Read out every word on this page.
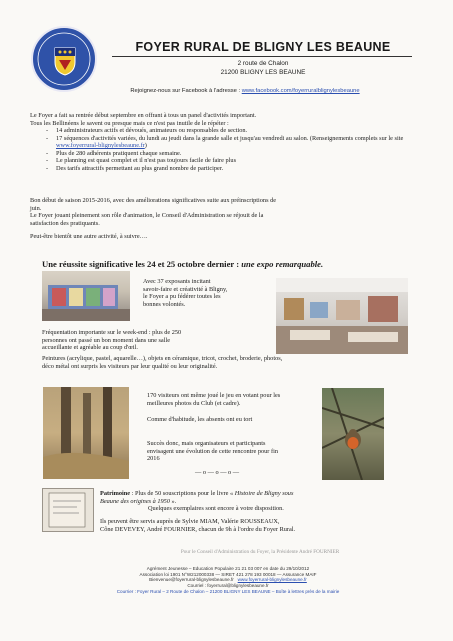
FOYER RURAL DE BLIGNY LES BEAUNE
2 route de Chalon
21200 BLIGNY LES BEAUNE
Rejoignez-nous sur Facebook à l'adresse : www.facebook.com/foyerruralblignylesbeaune
Le Foyer a fait sa rentrée début septembre en offrant à tous un panel d'activités important.
Tous les Bellinéens le savent ou presque mais ce n'est pas inutile de le répéter :
- 14 administrateurs actifs et dévoués, animateurs ou responsables de section.
- 17 séquences d'activités variées, du lundi au jeudi dans la grande salle et jusqu'au vendredi au salon. (Renseignements complets sur le site www.foyerrural-blignylesbeaune.fr)
- Plus de 280 adhérents pratiquent chaque semaine.
- Le planning est quasi complet et il n'est pas toujours facile de faire plus
- Des tarifs attractifs permettant au plus grand nombre de participer.
Bon début de saison 2015-2016, avec des améliorations significatives suite aux préinscriptions de
juin.
Le Foyer jouant pleinement son rôle d'animation, le Conseil d'Administration se réjouit de la
satisfaction des pratiquants.
Peut-être bientôt une autre activité, à suivre….
Une réussite significative les 24 et 25 octobre dernier : une expo remarquable.
Avec 37 exposants incitant
savoir-faire et créativité à Bligny,
le Foyer a pu fédérer toutes les
bonnes volontés.
Fréquentation importante sur le week-end : plus de 250
personnes ont passé un bon moment dans une salle
accueillante et agréable au coup d'œil.
Peintures (acrylique, pastel, aquarelle…), objets en céramique, tricot, crochet, broderie, photos,
déco métal ont surpris les visiteurs par leur qualité ou leur originalité.
170 visiteurs ont même joué le jeu en votant pour les
meilleures photos du Club (et cadre).
Comme d'habitude, les absents ont eu tort
Succès donc, mais organisateurs et participants
envisagent une évolution de cette rencontre pour fin
2016
— o — o — o —
Patrimoine : Plus de 50 souscriptions pour le livre « Histoire de Bligny sous
Beaune des origines à 1950 ».
Quelques exemplaires sont encore à votre disposition.
Ils peuvent être servis auprès de Sylvie MIAM, Valérie ROUSSEAUX,
Cône DEVEVEY, André FOURNIER, chacun de 9h à l'ordre du Foyer Rural.
Pour le Conseil d'Administration du Foyer, la Présidente André FOURNIER
Agrément Jeunesse – Education Populaire 21 21 03 007 en date du 29/10/2012
Association loi 1901 N°W212000338 — SIRET 421 278 193 00018 — Assurance MAIF
Bienvenue@foyerrural-blignylesbeaune.fr www.foyerrural-blignylesbeaune.fr
Courriel : foyerrural@blignylesbeaune.fr
Courrier : Foyer Rural – 2 Route de Chalon – 21200 BLIGNY LES BEAUNE – Boîte à lettres près de la mairie
